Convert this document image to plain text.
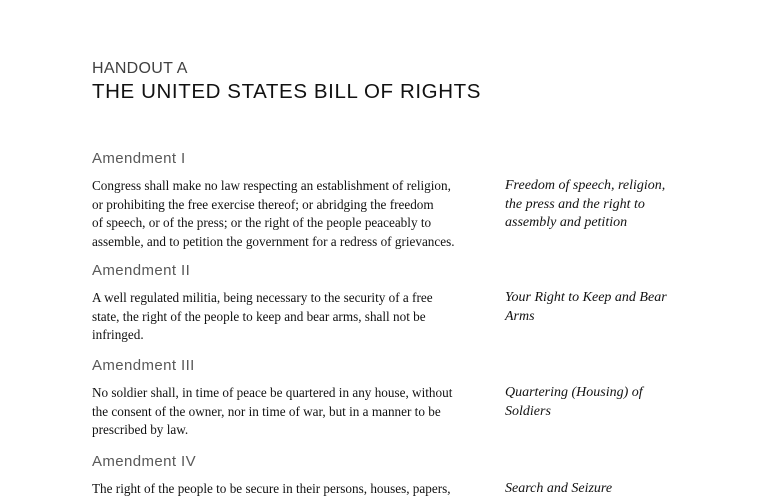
HANDOUT A
THE UNITED STATES BILL OF RIGHTS
Amendment I

Congress shall make no law respecting an establishment of religion,
or prohibiting the free exercise thereof; or abridging the freedom
of speech, or of the press; or the right of the people peaceably to
assemble, and to petition the government for a redress of grievances.

Freedom of speech, religion,
the press and the right to
assembly and petition

Amendment II

A well regulated militia, being necessary to the security of a free
state, the right of the people to keep and bear arms, shall not be
infringed.

Your Right to Keep and Bear
Arms

Amendment III

No soldier shall, in time of peace be quartered in any house, without
the consent of the owner, nor in time of war, but in a manner to be
prescribed by law.

Quartering (Housing) of
Soldiers

Amendment IV

The right of the people to be secure in their persons, houses, papers,	Search and Seizure
